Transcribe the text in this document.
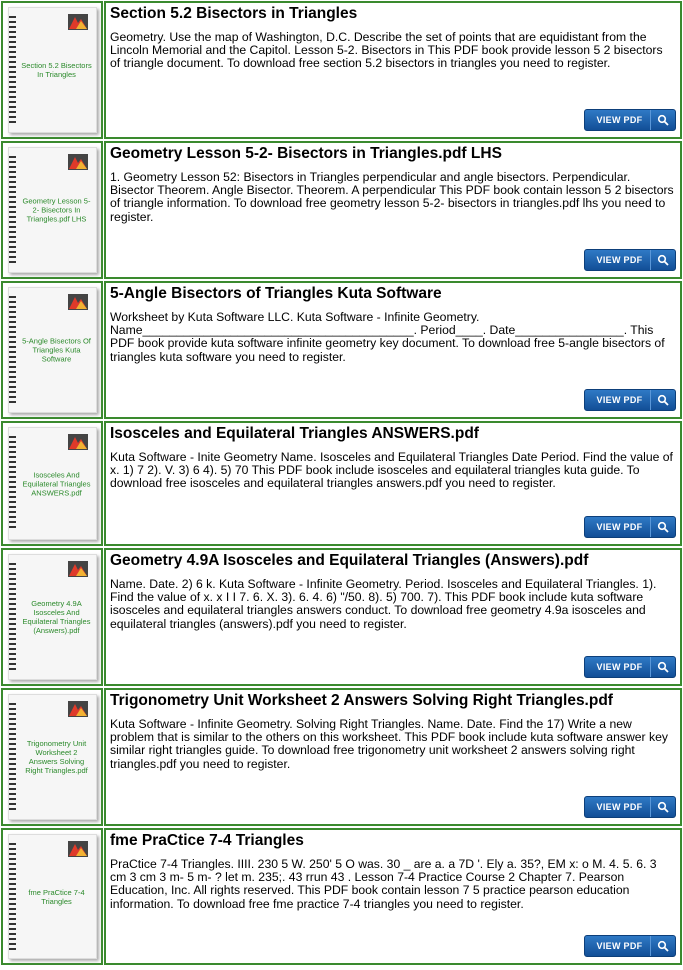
Section 5.2 Bisectors In Triangles
Section 5.2 Bisectors in Triangles

Geometry. Use the map of Washington, D.C. Describe the set of points that are equidistant from the Lincoln Memorial and the Capitol. Lesson 5-2. Bisectors in This PDF book provide lesson 5 2 bisectors of triangle document. To download free section 5.2 bisectors in triangles you need to register.

VIEW PDF
Geometry Lesson 5-2- Bisectors In Triangles.pdf LHS
Geometry Lesson 5-2- Bisectors in Triangles.pdf LHS

1. Geometry Lesson 52: Bisectors in Triangles perpendicular and angle bisectors. Perpendicular. Bisector Theorem. Angle Bisector. Theorem. A perpendicular This PDF book contain lesson 5 2 bisectors of triangle information. To download free geometry lesson 5-2- bisectors in triangles.pdf lhs you need to register.

VIEW PDF
5-Angle Bisectors Of Triangles Kuta Software
5-Angle Bisectors of Triangles Kuta Software

Worksheet by Kuta Software LLC. Kuta Software - Infinite Geometry. Name________________________________________. Period____. Date________________. This PDF book provide kuta software infinite geometry key document. To download free 5-angle bisectors of triangles kuta software you need to register.

VIEW PDF
Isosceles And Equilateral Triangles ANSWERS.pdf
Isosceles and Equilateral Triangles ANSWERS.pdf

Kuta Software - Inite Geometry Name. Isosceles and Equilateral Triangles Date Period. Find the value of x. 1) 7 2). V. 3) 6 4). 5) 70 This PDF book include isosceles and equilateral triangles kuta guide. To download free isosceles and equilateral triangles answers.pdf you need to register.

VIEW PDF
Geometry 4.9A Isosceles And Equilateral Triangles (Answers).pdf
Geometry 4.9A Isosceles and Equilateral Triangles (Answers).pdf

Name. Date. 2) 6 k. Kuta Software - Infinite Geometry. Period. Isosceles and Equilateral Triangles. 1). Find the value of x. x I I 7. 6. X. 3). 6. 4. 6) "/50. 8). 5) 700. 7). This PDF book include kuta software isosceles and equilateral triangles answers conduct. To download free geometry 4.9a isosceles and equilateral triangles (answers).pdf you need to register.

VIEW PDF
Trigonometry Unit Worksheet 2 Answers Solving Right Triangles.pdf
Trigonometry Unit Worksheet 2 Answers Solving Right Triangles.pdf

Kuta Software - Infinite Geometry. Solving Right Triangles. Name. Date. Find the 17) Write a new problem that is similar to the others on this worksheet. This PDF book include kuta software answer key similar right triangles guide. To download free trigonometry unit worksheet 2 answers solving right triangles.pdf you need to register.

VIEW PDF
fme PraCtice 7-4 Triangles
fme PraCtice 7-4 Triangles

PraCtice 7-4 Triangles. IIII. 230 5 W. 250' 5 O was. 30 _ are a. a 7D '. Ely a. 35?, EM x: o M. 4. 5. 6. 3 cm 3 cm 3 m- 5 m- ? let m. 235;. 43 rrun 43 . Lesson 7-4 Practice Course 2 Chapter 7. Pearson Education, Inc. All rights reserved. This PDF book contain lesson 7 5 practice pearson education information. To download free fme practice 7-4 triangles you need to register.

VIEW PDF
